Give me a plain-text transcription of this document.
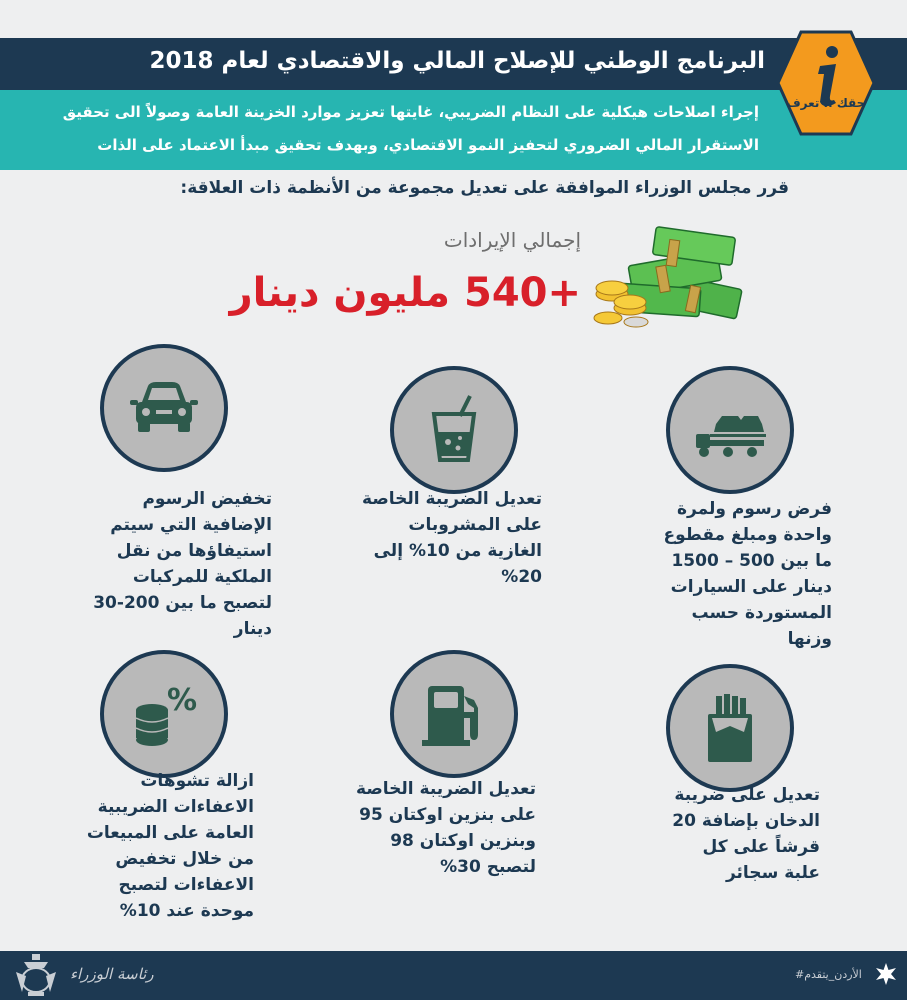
البرنامج الوطني للإصلاح المالي والاقتصادي لعام 2018
إجراء اصلاحات هيكلية على النظام الضريبي، غايتها تعزيز موارد الخزينة العامة وصولاً الى تحقيق
الاستقرار المالي الضروري لتحفيز النمو الاقتصادي، وبهدف تحقيق مبدأ الاعتماد على الذات
حقك .. تعرف
قرر مجلس الوزراء الموافقة على تعديل مجموعة من الأنظمة ذات العلاقة:
إجمالي الإيرادات
+540 مليون دينار
فرض رسوم ولمرة واحدة ومبلغ مقطوع ما بين 500 – 1500 دينار على السيارات المستوردة حسب وزنها
تعديل الضريبة الخاصة على المشروبات الغازية من 10% إلى 20%
تخفيض الرسوم الإضافية التي سيتم استيفاؤها من نقل الملكية للمركبات لتصبح ما بين 200-30 دينار
تعديل على ضريبة الدخان بإضافة 20 قرشاً على كل علبة سجائر
تعديل الضريبة الخاصة على بنزين اوكتان 95 وبنزين اوكتان 98 لتصبح 30%
%
ازالة تشوهات الاعفاءات الضريبية العامة على المبيعات من خلال تخفيض الاعفاءات لتصبح موحدة عند 10%
رئاسة الوزراء	الأردن_يتقدم#
